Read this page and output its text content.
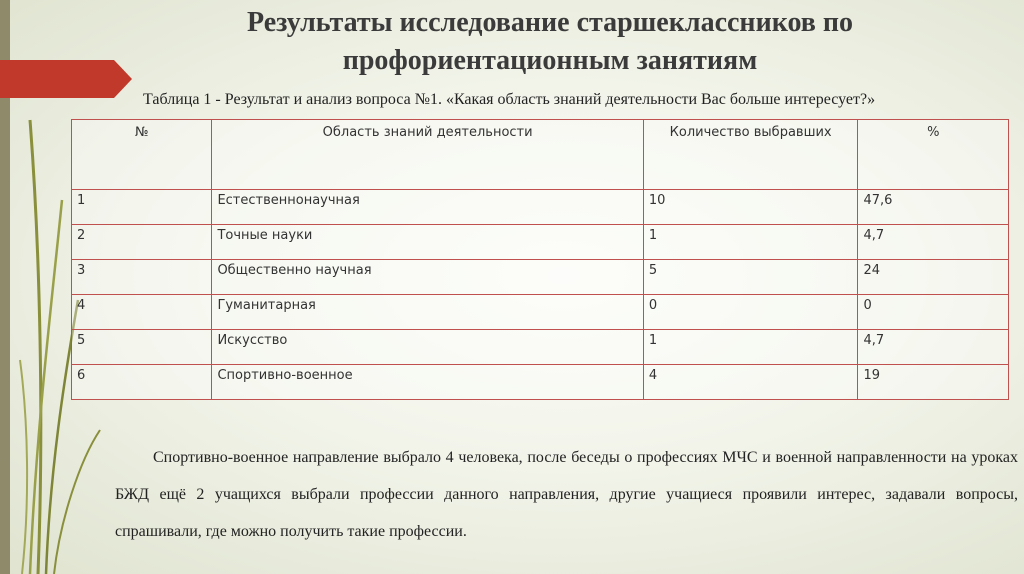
Результаты исследование старшеклассников по профориентационным занятиям
Таблица 1 - Результат и анализ вопроса №1. «Какая область знаний деятельности Вас больше интересует?»
№	Область знаний деятельности	Количество выбравших	%
1	Естественнонаучная	10	47,6
2	Точные науки	1	4,7
3	Общественно научная	5	24
4	Гуманитарная	0	0
5	Искусство	1	4,7
6	Спортивно-военное	4	19
Спортивно-военное направление выбрало 4 человека, после беседы о профессиях МЧС и военной направленности на уроках БЖД ещё 2 учащихся выбрали профессии данного направления, другие учащиеся проявили интерес, задавали вопросы, спрашивали, где можно получить такие профессии.
